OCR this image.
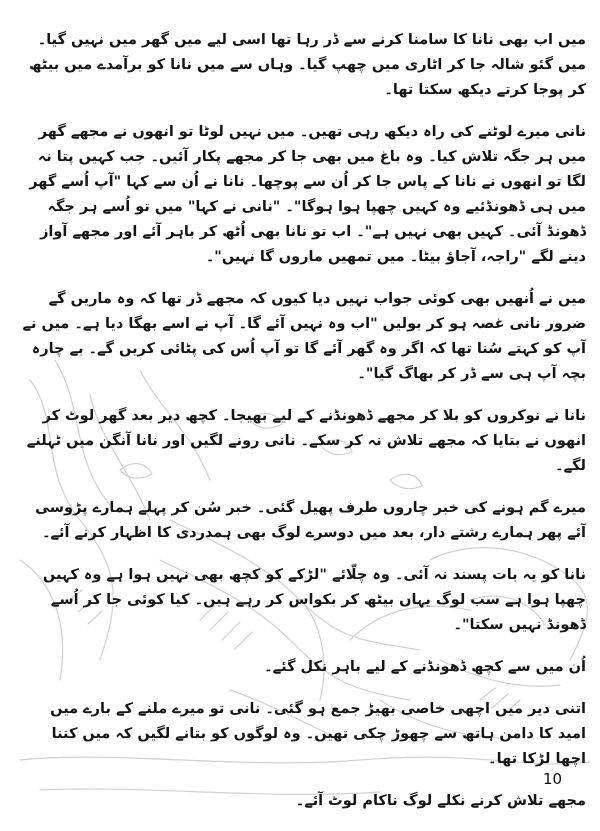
میں اب بھی نانا کا سامنا کرنے سے ڈر رہا تھا اسی لیے میں گھر میں نہیں گیا۔ میں گئو شالہ جا کر اٹاری میں چھپ گیا۔ وہاں سے میں نانا کو برآمدے میں بیٹھ کر پوجا کرتے دیکھ سکتا تھا۔

نانی میرے لوٹنے کی راہ دیکھ رہی تھیں۔ میں نہیں لوٹا تو انھوں نے مجھے گھر میں ہر جگہ تلاش کیا۔ وہ باغ میں بھی جا کر مجھے پکار آئیں۔ جب کہیں پتا نہ لگا تو انھوں نے نانا کے پاس جا کر اُن سے پوچھا۔ نانا نے اُن سے کہا "آپ اُسے گھر میں ہی ڈھونڈئیے وہ کہیں چھپا ہوا ہوگا"۔ "نانی نے کہا" میں تو اُسے ہر جگہ ڈھونڈ آئی۔ کہیں بھی نہیں ہے"۔ اب تو نانا بھی اُٹھ کر باہر آئے اور مجھے آواز دینے لگے "راجہ، آجاؤ بیٹا۔ میں تمھیں ماروں گا نہیں"۔

میں نے اُنھیں بھی کوئی جواب نہیں دیا کیوں کہ مجھے ڈر تھا کہ وہ ماریں گے ضرور نانی غصہ ہو کر بولیں "اب وہ نہیں آئے گا۔ آپ نے اسے بھگا دیا ہے۔ میں نے آپ کو کہتے سُنا تھا کہ اگر وہ گھر آئے گا تو آپ اُس کی پٹائی کریں گے۔ بے چارہ بچہ آپ ہی سے ڈر کر بھاگ گیا"۔

نانا نے نوکروں کو بلا کر مجھے ڈھونڈنے کے لیے بھیجا۔ کچھ دیر بعد گھر لوٹ کر انھوں نے بتایا کہ مجھے تلاش نہ کر سکے۔ نانی رونے لگیں اور نانا آنگن میں ٹہلنے لگے۔

میرے گم ہونے کی خبر چاروں طرف پھیل گئی۔ خبر سُن کر پہلے ہمارے پڑوسی آئے پھر ہمارے رشتے دار، بعد میں دوسرے لوگ بھی ہمدردی کا اظہار کرنے آئے۔

نانا کو یہ بات پسند نہ آئی۔ وہ چلّائے "لڑکے کو کچھ بھی نہیں ہوا ہے وہ کہیں چھپا ہوا ہے سب لوگ یہاں بیٹھ کر بکواس کر رہے ہیں۔ کیا کوئی جا کر اُسے ڈھونڈ نہیں سکتا"۔

اُن میں سے کچھ ڈھونڈنے کے لیے باہر نکل گئے۔

اتنی دیر میں اچھی خاصی بھیڑ جمع ہو گئی۔ نانی تو میرے ملنے کے بارے میں امید کا دامن ہاتھ سے چھوڑ چکی تھیں۔ وہ لوگوں کو بتانے لگیں کہ میں کتنا اچھا لڑکا تھا۔

مجھے تلاش کرنے نکلے لوگ ناکام لوٹ آئے۔

10
